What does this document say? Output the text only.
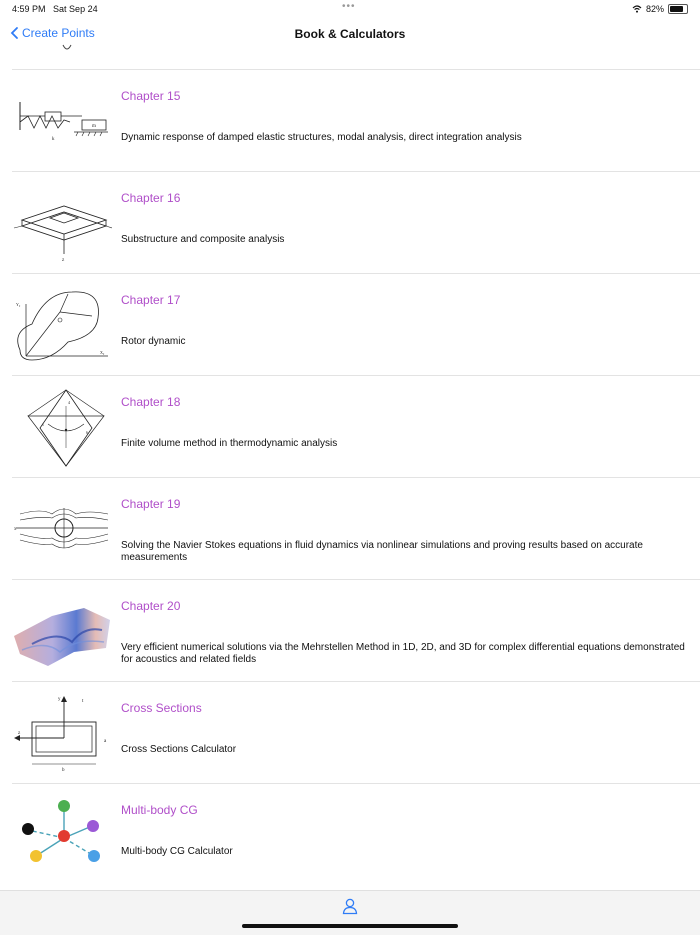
4:59 PM Sat Sep 24	•••	82%
Create Points	Book & Calculators
m
k
Chapter 15
Dynamic response of damped elastic structures, modal analysis, direct integration analysis
z
Chapter 16
Substructure and composite analysis
Y₀
X₀
Chapter 17
Rotor dynamic
4
1
6
Chapter 18
Finite volume method in thermodynamic analysis
x
Chapter 19
Solving the Navier Stokes equations in fluid dynamics via nonlinear simulations and proving results based on accurate measurements
Chapter 20
Very efficient numerical solutions via the Mehrstellen Method in 1D, 2D, and 3D for complex differential equations demonstrated for acoustics and related fields
y
z
b
a
t	Cross Sections
Cross Sections Calculator
Multi-body CG
Multi-body CG Calculator
